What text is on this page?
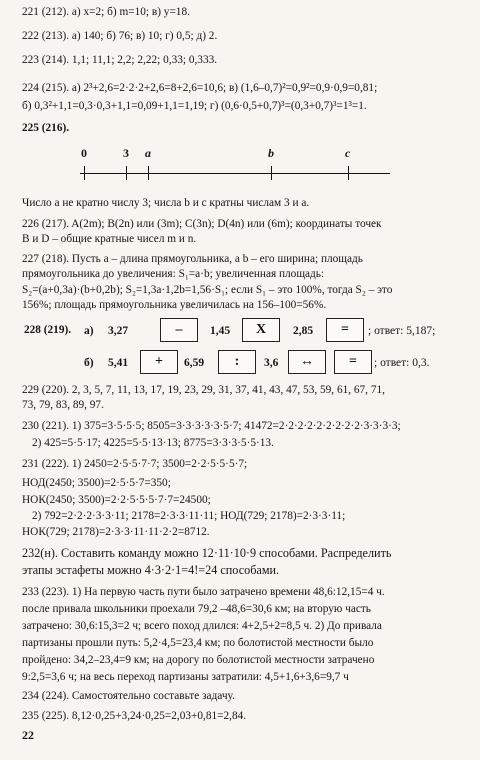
221 (212). а) x=2; б) m=10; в) y=18.
222 (213). а) 140; б) 76; в) 10; г) 0,5; д) 2.
223 (214). 1,1; 11,1; 2,2; 2,22; 0,33; 0,333.
224 (215). а) 2³+2,6=2·2·2+2,6=8+2,6=10,6; в) (1,6–0,7)²=0,9²=0,9·0,9=0,81;
б) 0,3²+1,1=0,3·0,3+1,1=0,09+1,1=1,19; г) (0,6·0,5+0,7)³=(0,3+0,7)³=1³=1.
225 (216).
0	3 a	b	c
Число a не кратно числу 3; числа b и c кратны числам 3 и a.
226 (217). A(2m); B(2n) или (3m); C(3n); D(4n) или (6m); координаты точек
B и D – общие кратные чисел m и n.
227 (218). Пусть a – длина прямоугольника, а b – его ширина; площадь
прямоугольника до увеличения: S₁=a·b; увеличенная площадь:
S₂=(a+0,3a)·(b+0,2b); S₂=1,3a·1,2b=1,56·S₁; если S₁ – это 100%, тогда S₂ – это
156%; площадь прямоугольника увеличилась на 156–100=56%.
228 (219).	а) 3,27	–	1,45	X	2,85	=	; ответ: 5,187;
б) 5,41	+	6,59	:	3,6	↔	=	; ответ: 0,3.
229 (220). 2, 3, 5, 7, 11, 13, 17, 19, 23, 29, 31, 37, 41, 43, 47, 53, 59, 61, 67, 71,
73, 79, 83, 89, 97.
230 (221). 1) 375=3·5·5·5; 8505=3·3·3·3·3·5·7; 41472=2·2·2·2·2·2·2·2·2·3·3·3·3;
2) 425=5·5·17; 4225=5·5·13·13; 8775=3·3·3·5·5·13.
231 (222). 1) 2450=2·5·5·7·7; 3500=2·2·5·5·5·7;
НОД(2450; 3500)=2·5·5·7=350;
НОК(2450; 3500)=2·2·5·5·5·7·7=24500;
2) 792=2·2·2·3·3·11; 2178=2·3·3·11·11; НОД(729; 2178)=2·3·3·11;
НОК(729; 2178)=2·3·3·11·11·2·2=8712.
232(н). Составить команду можно 12·11·10·9 способами. Распределить
этапы эстафеты можно 4·3·2·1=4!=24 способами.
233 (223). 1) На первую часть пути было затрачено времени 48,6:12,15=4 ч.
после привала школьники проехали 79,2 –48,6=30,6 км; на вторую часть
затрачено: 30,6:15,3=2 ч; всего поход длился: 4+2,5+2=8,5 ч. 2) До привала
партизаны прошли путь: 5,2·4,5=23,4 км; по болотистой местности было
пройдено: 34,2–23,4=9 км; на дорогу по болотистой местности затрачено
9:2,5=3,6 ч; на весь переход партизаны затратили: 4,5+1,6+3,6=9,7 ч
234 (224). Самостоятельно составьте задачу.
235 (225). 8,12·0,25+3,24·0,25=2,03+0,81=2,84.
22
